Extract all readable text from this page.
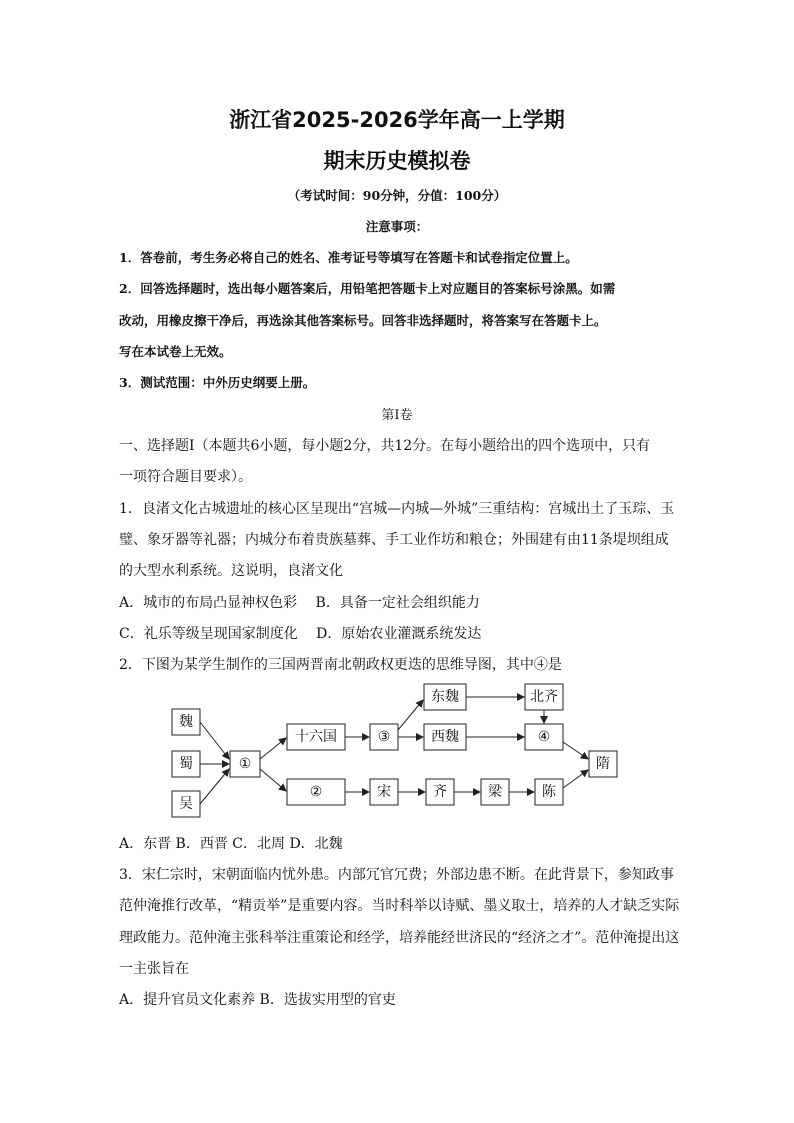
浙江省2025-2026学年高一上学期
期末历史模拟卷
（考试时间：90分钟，分值：100分）
注意事项：
1．答卷前，考生务必将自己的姓名、准考证号等填写在答题卡和试卷指定位置上。
2．回答选择题时，选出每小题答案后，用铅笔把答题卡上对应题目的答案标号涂黑。如需
改动，用橡皮擦干净后，再选涂其他答案标号。回答非选择题时，将答案写在答题卡上。
写在本试卷上无效。
3．测试范围：中外历史纲要上册。
第Ⅰ卷
一、选择题Ⅰ（本题共6小题，每小题2分，共12分。在每小题给出的四个选项中，只有
一项符合题目要求）。
1．良渚文化古城遗址的核心区呈现出“宫城—内城—外城”三重结构：宫城出土了玉琮、玉
璧、象牙器等礼器；内城分布着贵族墓葬、手工业作坊和粮仓；外围建有由11条堤坝组成
的大型水利系统。这说明，良渚文化
A．城市的布局凸显神权色彩　 B．具备一定社会组织能力
C．礼乐等级呈现国家制度化　 D．原始农业灌溉系统发达
2．下图为某学生制作的三国两晋南北朝政权更迭的思维导图，其中④是
魏
蜀
吴
①
十六国	③
东魏
西魏
北齐
④
隋
②	宋	齐	梁	陈
A．东晋 B．西晋 C．北周 D．北魏
3．宋仁宗时，宋朝面临内忧外患。内部冗官冗费；外部边患不断。在此背景下，参知政事
范仲淹推行改革，“精贡举”是重要内容。当时科举以诗赋、墨义取士，培养的人才缺乏实际
理政能力。范仲淹主张科举注重策论和经学，培养能经世济民的“经济之才”。范仲淹提出这
一主张旨在
A．提升官员文化素养 B．选拔实用型的官吏
